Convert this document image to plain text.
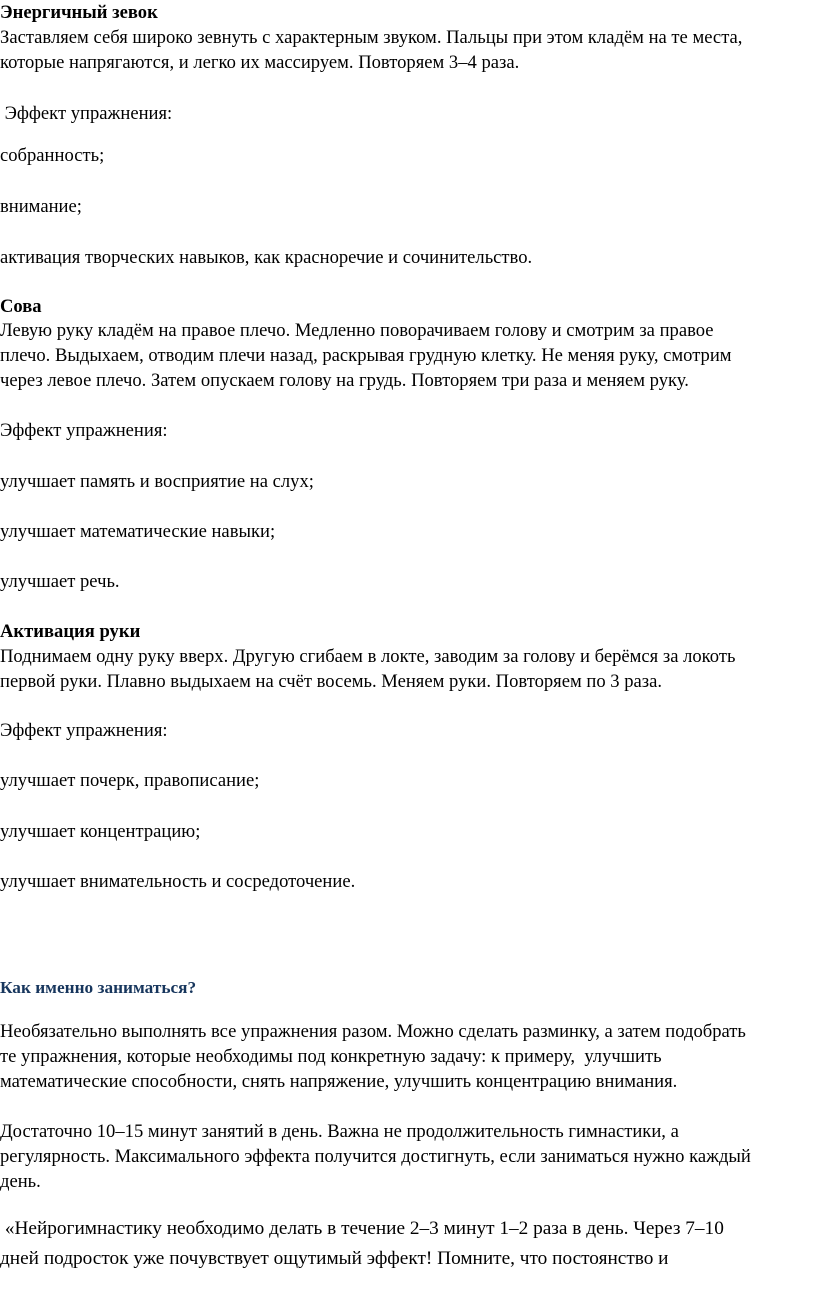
Энергичный зевок

Заставляем себя широко зевнуть с характерным звуком. Пальцы при этом кладём на те места,

которые напрягаются, и легко их массируем. Повторяем 3–4 раза.

Эффект упражнения:

собранность;

внимание;

активация творческих навыков, как красноречие и сочинительство.

Сова

Левую руку кладём на правое плечо. Медленно поворачиваем голову и смотрим за правое

плечо. Выдыхаем, отводим плечи назад, раскрывая грудную клетку. Не меняя руку, смотрим

через левое плечо. Затем опускаем голову на грудь. Повторяем три раза и меняем руку.

Эффект упражнения:

улучшает память и восприятие на слух;

улучшает математические навыки;

улучшает речь.

Активация руки

Поднимаем одну руку вверх. Другую сгибаем в локте, заводим за голову и берёмся за локоть

первой руки. Плавно выдыхаем на счёт восемь. Меняем руки. Повторяем по 3 раза.

Эффект упражнения:

улучшает почерк, правописание;

улучшает концентрацию;

улучшает внимательность и сосредоточение.

Как именно заниматься?

Необязательно выполнять все упражнения разом. Можно сделать разминку, а затем подобрать

те упражнения, которые необходимы под конкретную задачу: к примеру,  улучшить

математические способности, снять напряжение, улучшить концентрацию внимания.

Достаточно 10–15 минут занятий в день. Важна не продолжительность гимнастики, а

регулярность. Максимального эффекта получится достигнуть, если заниматься нужно каждый

день.

«Нейрогимнастику необходимо делать в течение 2–3 минут 1–2 раза в день. Через 7–10

дней подросток уже почувствует ощутимый эффект! Помните, что постоянство и
